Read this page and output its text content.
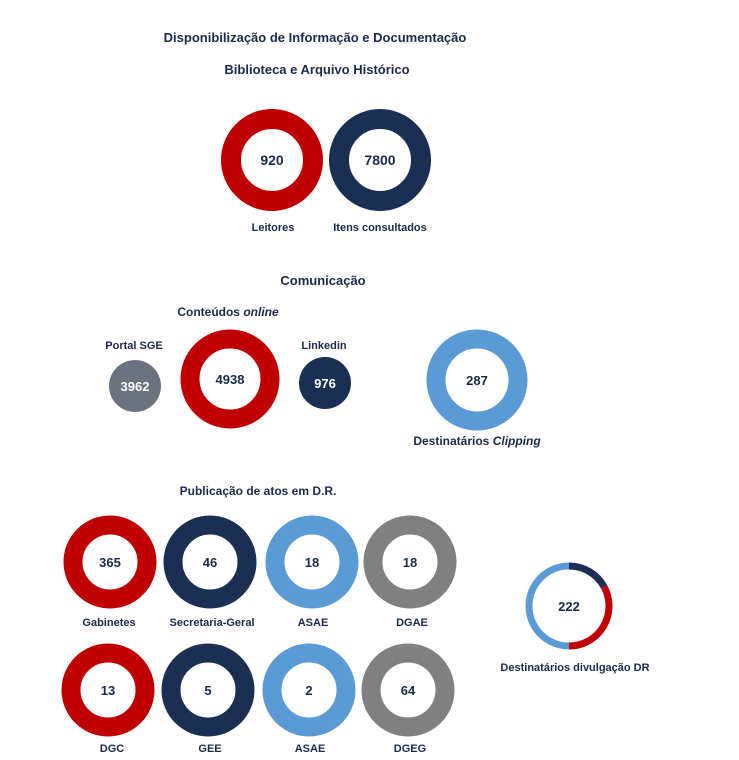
Disponibilização de Informação e Documentação
Biblioteca e Arquivo Histórico
Comunicação
Conteúdos online
Publicação de atos em D.R.
Leitores	Itens consultados
Portal SGE	Linkedin
Destinatários Clipping
Gabinetes	Secretaria-Geral	ASAE	DGAE
DGC	GEE	ASAE	DGEG
Destinatários divulgação DR
920	7800
3962	4938	976	287
365	46	18	18
13	5	2	64
222
